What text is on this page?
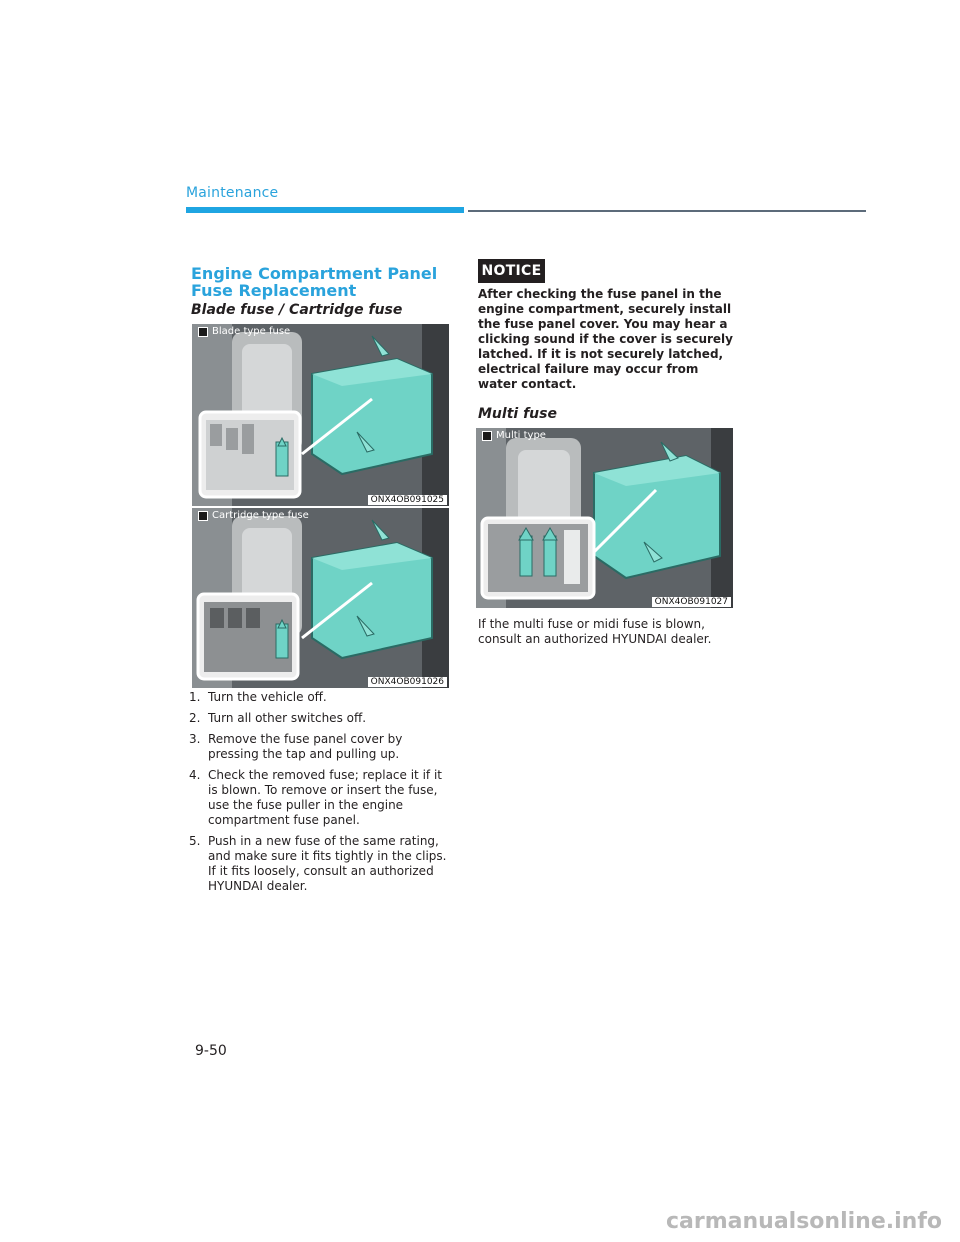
Maintenance
Engine Compartment Panel Fuse Replacement
Blade fuse / Cartridge fuse
Blade type fuse
ONX4OB091025
Cartridge type fuse
ONX4OB091026
1. Turn the vehicle off.
2. Turn all other switches off.
3. Remove the fuse panel cover by pressing the tap and pulling up.
4. Check the removed fuse; replace it if it is blown. To remove or insert the fuse, use the fuse puller in the engine compartment fuse panel.
5. Push in a new fuse of the same rating, and make sure it fits tightly in the clips. If it fits loosely, consult an authorized HYUNDAI dealer.
NOTICE
After checking the fuse panel in the engine compartment, securely install the fuse panel cover. You may hear a clicking sound if the cover is securely latched. If it is not securely latched, electrical failure may occur from water contact.
Multi fuse
Multi type
ONX4OB091027
If the multi fuse or midi fuse is blown, consult an authorized HYUNDAI dealer.
9-50
carmanualsonline.info
